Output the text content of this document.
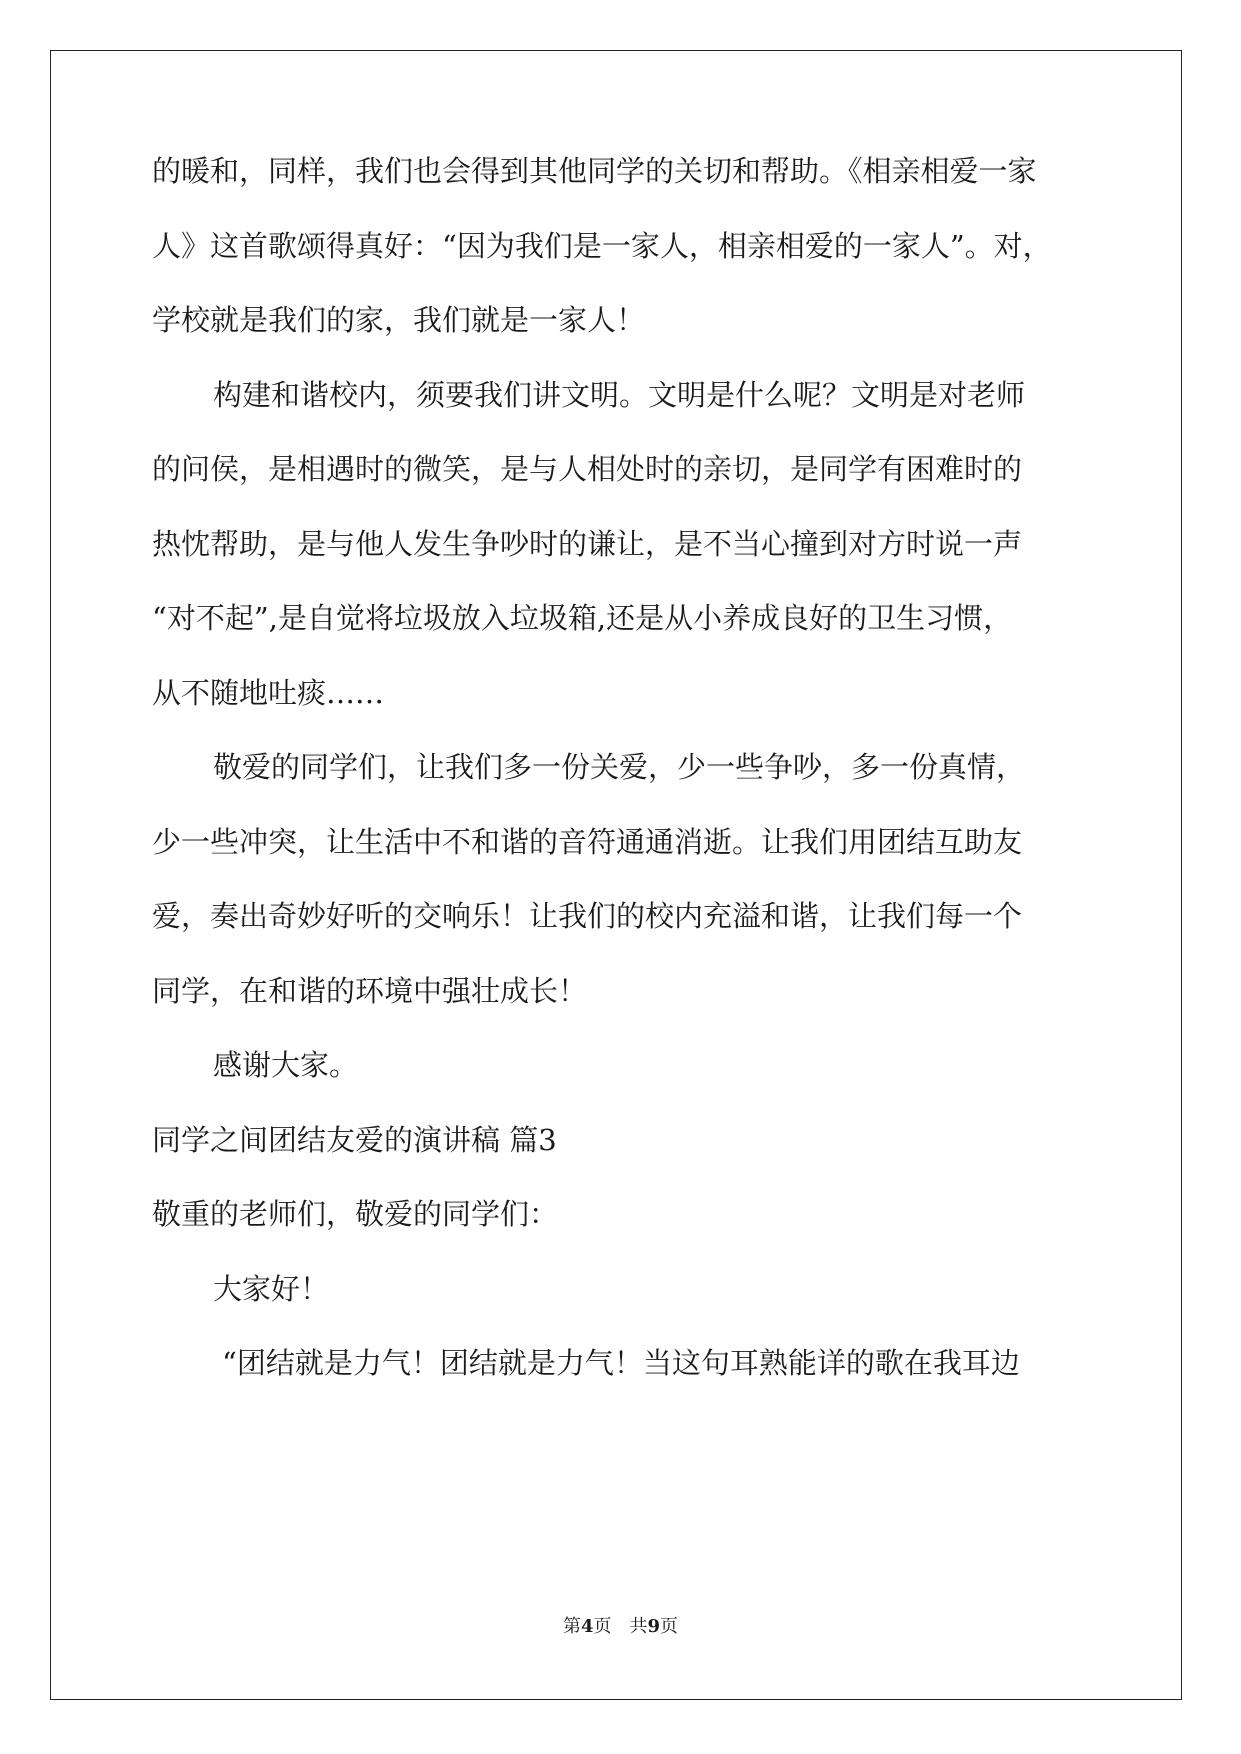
的暖和，同样，我们也会得到其他同学的关切和帮助。《相亲相爱一家
人》这首歌颂得真好：“因为我们是一家人，相亲相爱的一家人”。对，
学校就是我们的家，我们就是一家人！
构建和谐校内，须要我们讲文明。文明是什么呢？文明是对老师
的问侯，是相遇时的微笑，是与人相处时的亲切，是同学有困难时的
热忱帮助，是与他人发生争吵时的谦让，是不当心撞到对方时说一声
“对不起”,是自觉将垃圾放入垃圾箱,还是从小养成良好的卫生习惯，
从不随地吐痰……
敬爱的同学们，让我们多一份关爱，少一些争吵，多一份真情，
少一些冲突，让生活中不和谐的音符通通消逝。让我们用团结互助友
爱，奏出奇妙好听的交响乐！让我们的校内充溢和谐，让我们每一个
同学，在和谐的环境中强壮成长！
感谢大家。
同学之间团结友爱的演讲稿 篇3
敬重的老师们，敬爱的同学们：
大家好！
“团结就是力气！团结就是力气！当这句耳熟能详的歌在我耳边
第4页　共9页
